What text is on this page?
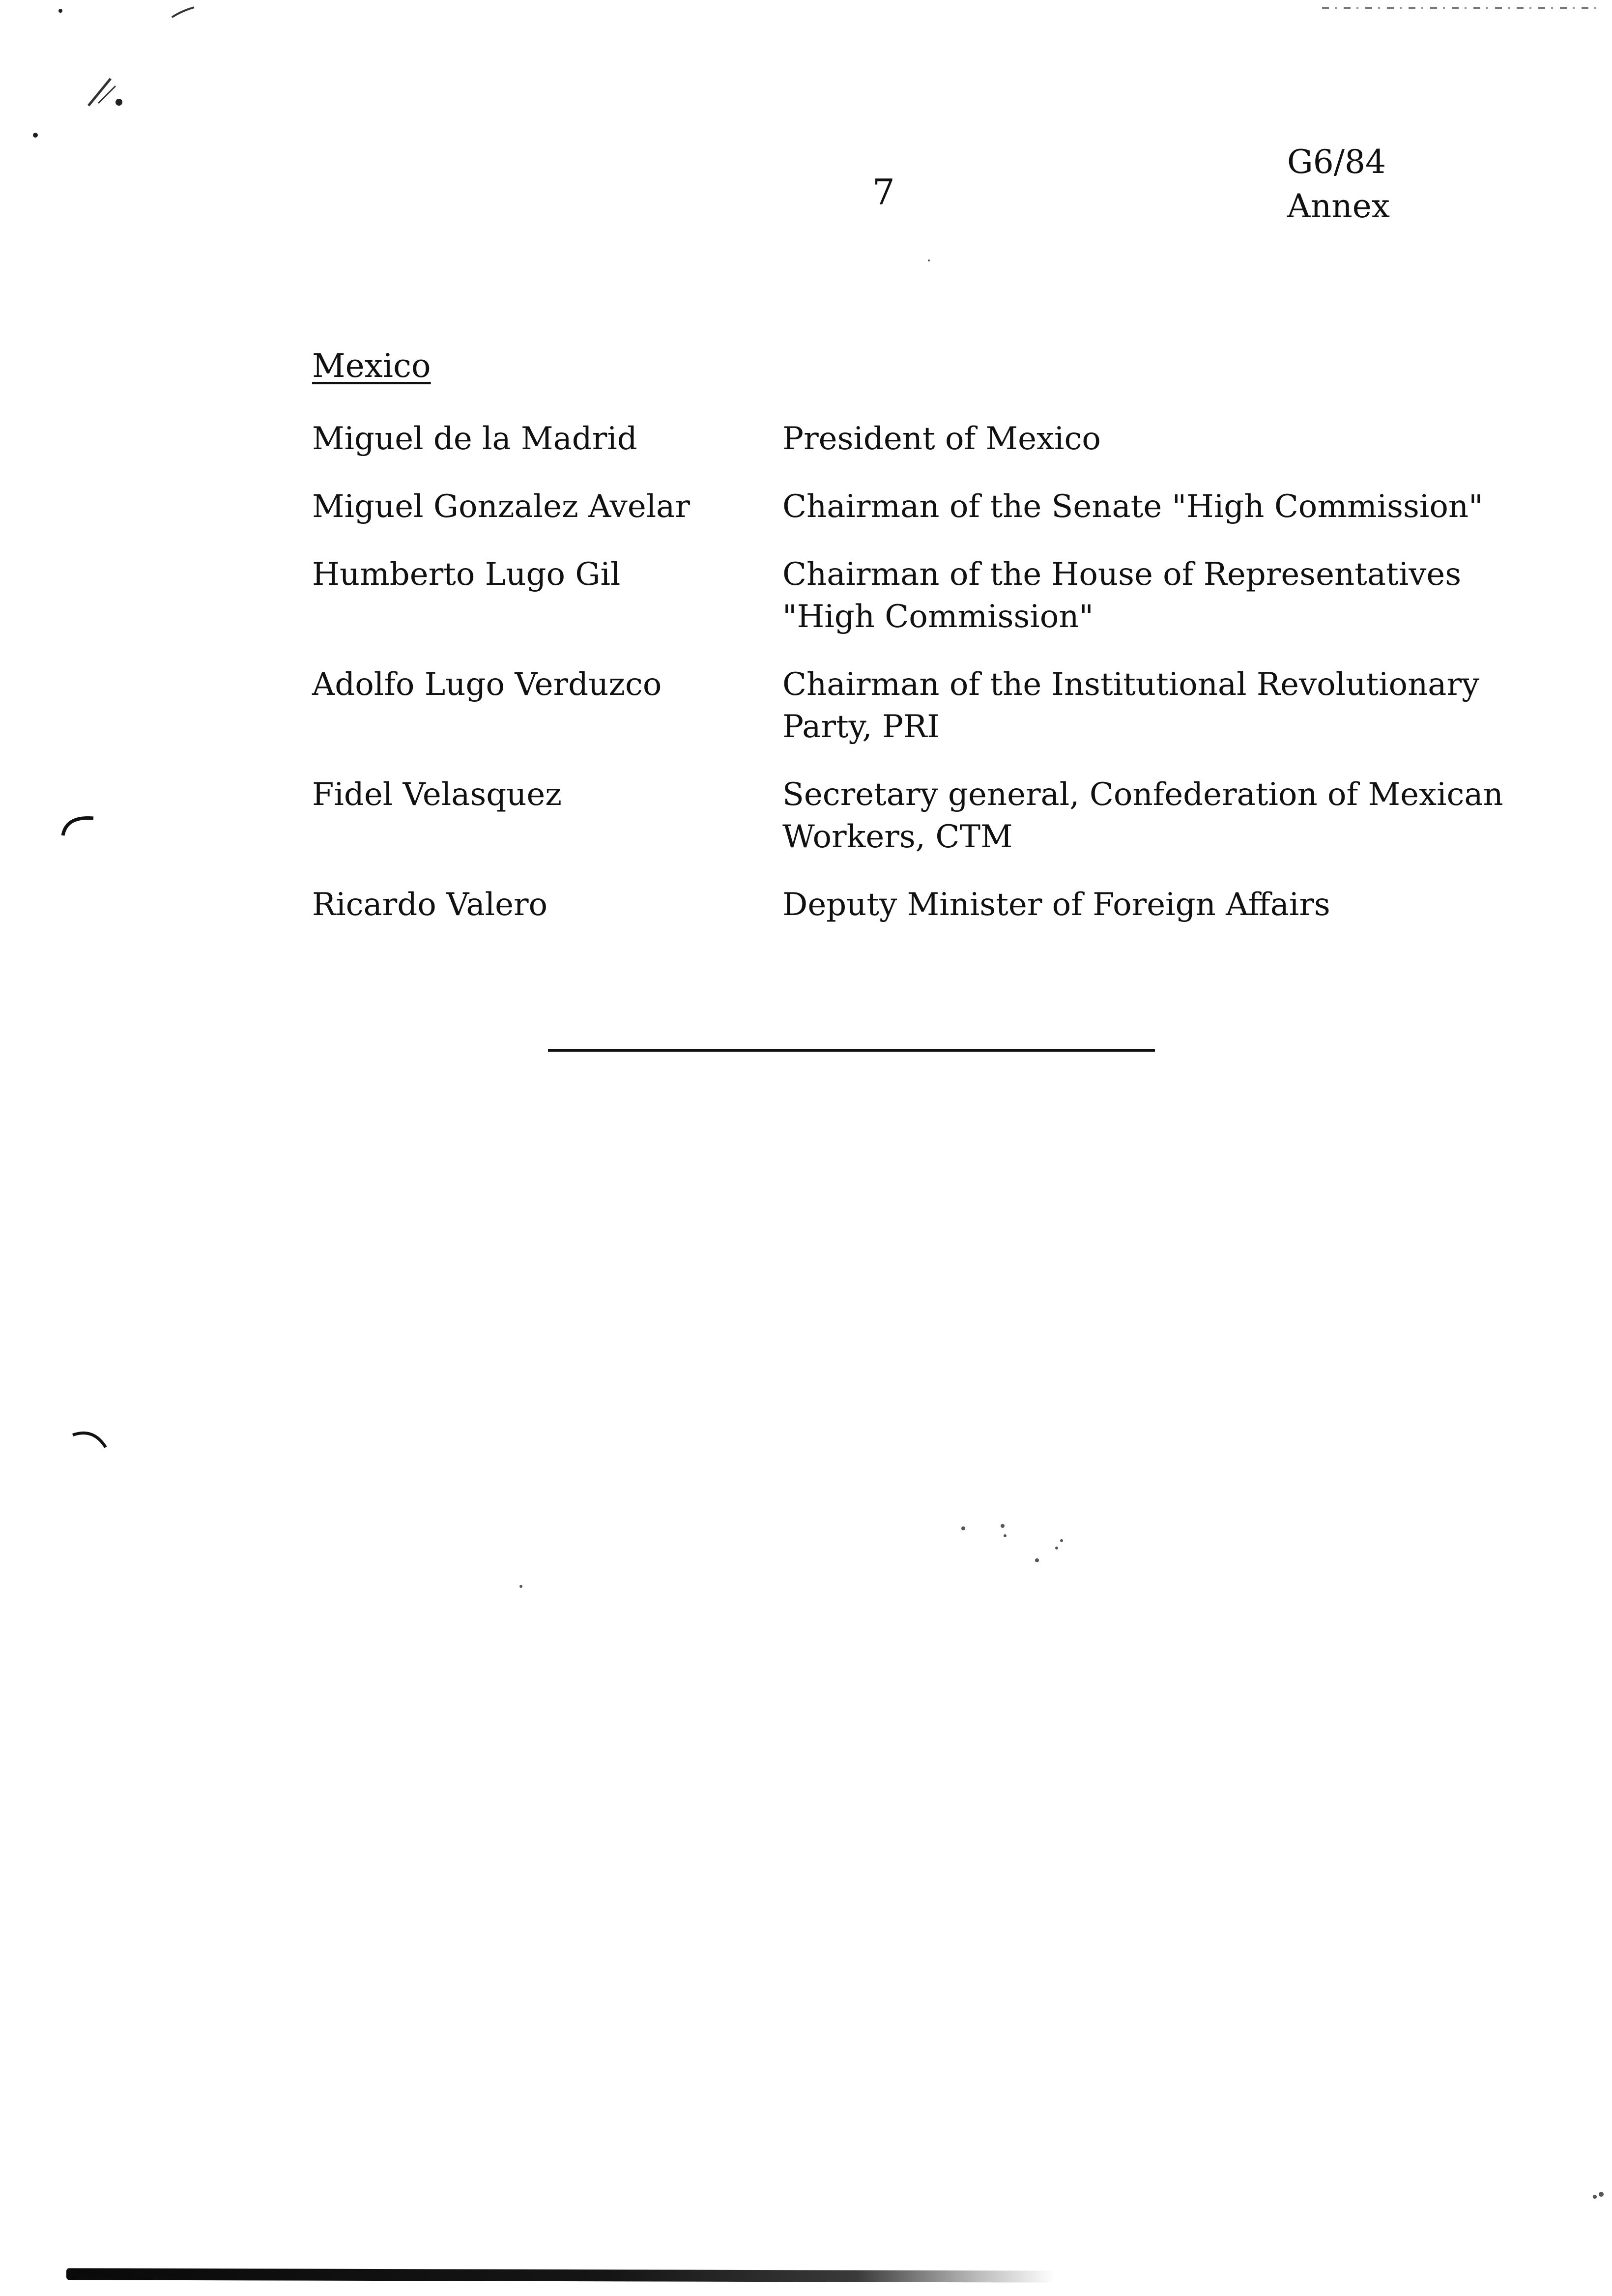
7
G6/84
Annex
Mexico
Miguel de la Madrid	President of Mexico
Miguel Gonzalez Avelar	Chairman of the Senate "High Commission"
Humberto Lugo Gil	Chairman of the House of Representatives
"High Commission"
Adolfo Lugo Verduzco	Chairman of the Institutional Revolutionary
Party, PRI
Fidel Velasquez	Secretary general, Confederation of Mexican
Workers, CTM
Ricardo Valero	Deputy Minister of Foreign Affairs
